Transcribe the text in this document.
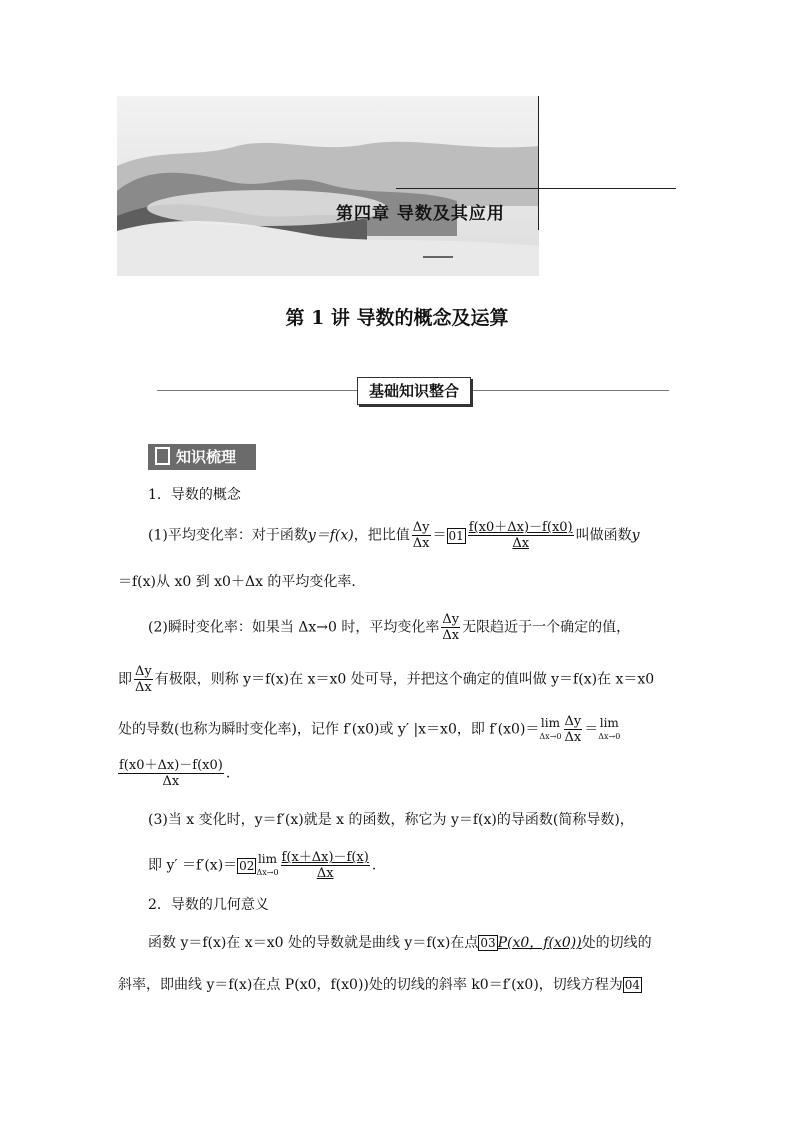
第四章 导数及其应用
第 1 讲 导数的概念及运算
基础知识整合
知识梳理
1．导数的概念
(1)平均变化率：对于函数y＝f(x)，把比值 $\frac{\Delta y}{\Delta x} = 01 \frac{f(x0+\Delta x)-f(x0)}{\Delta x}$ 叫做函数y
＝f(x)从 x0 到 x0＋Δx 的平均变化率．
(2)瞬时变化率：如果当 Δx→0 时，平均变化率 $\frac{\Delta y}{\Delta x}$ 无限趋近于一个确定的值，
即 $\frac{\Delta y}{\Delta x}$ 有极限，则称 y＝f(x)在 x＝x0 处可导，并把这个确定的值叫做 y＝f(x)在 x＝x0
处的导数(也称为瞬时变化率)，记作 f′(x0)或 y′ |x＝x0，即 f′(x0)＝ lim
$\Delta x\to 0 \frac{\Delta y}{\Delta x} = \lim$
Δx→0
$\frac{f(x0+\Delta x)-f(x0)}{\Delta x}$ .
(3)当 x 变化时，y＝f′(x)就是 x 的函数，称它为 y＝f(x)的导函数(简称导数)，
即 y′ ＝f′(x)＝ 02 lim
$\Delta x\to 0 \frac{f(x+\Delta x)-f(x)}{\Delta x}$ .
2．导数的几何意义
函数 y＝f(x)在 x＝x0 处的导数就是曲线 y＝f(x)在点 03 P(x0，f(x0))处的切线的
斜率，即曲线 y＝f(x)在点 P(x0，f(x0))处的切线的斜率 k0＝f′(x0)，切线方程为 04
